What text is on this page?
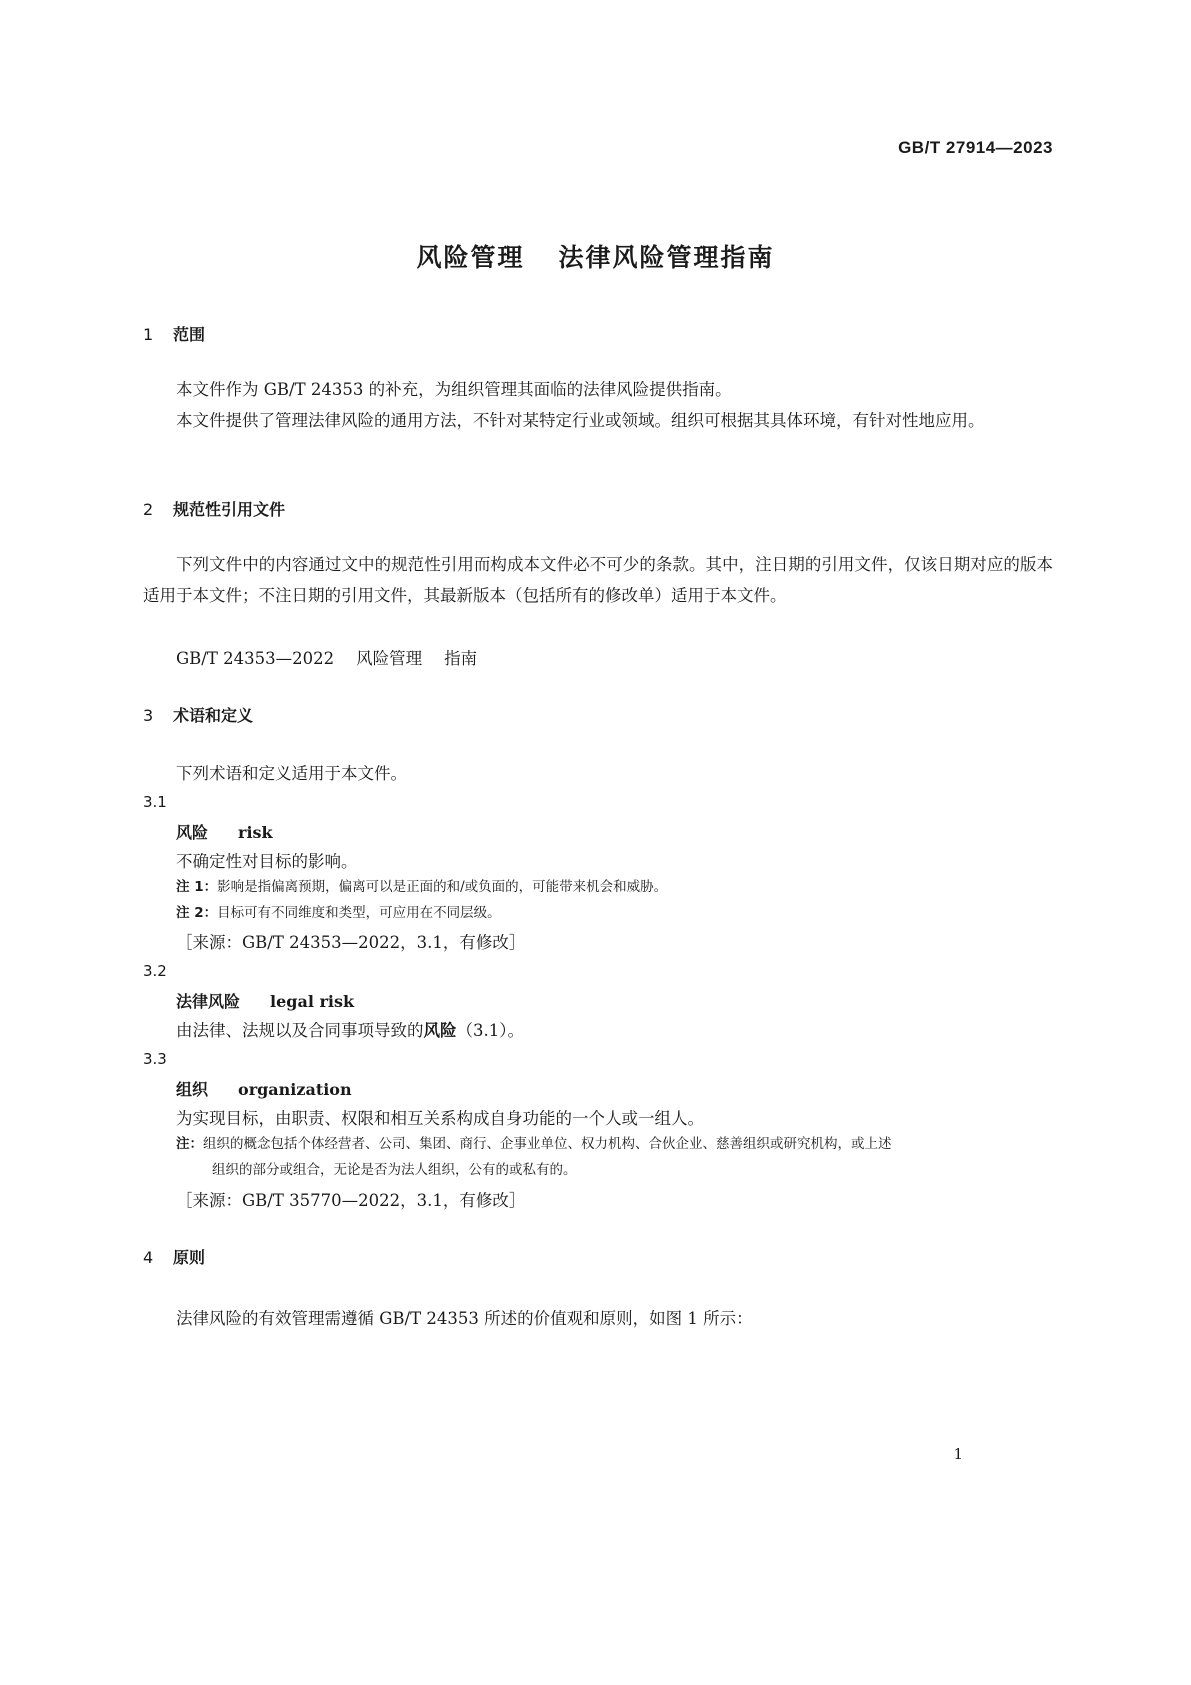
GB/T 27914—2023
风险管理 法律风险管理指南
1 范围
本文件作为 GB/T 24353 的补充，为组织管理其面临的法律风险提供指南。
本文件提供了管理法律风险的通用方法，不针对某特定行业或领域。组织可根据其具体环境，有针对性地应用。
2 规范性引用文件
下列文件中的内容通过文中的规范性引用而构成本文件必不可少的条款。其中，注日期的引用文件，仅该日期对应的版本适用于本文件；不注日期的引用文件，其最新版本（包括所有的修改单）适用于本文件。
GB/T 24353—2022 风险管理 指南
3 术语和定义
下列术语和定义适用于本文件。
3.1
风险 risk
不确定性对目标的影响。
注 1：影响是指偏离预期，偏离可以是正面的和/或负面的，可能带来机会和威胁。
注 2：目标可有不同维度和类型，可应用在不同层级。
［来源：GB/T 24353—2022，3.1，有修改］
3.2
法律风险 legal risk
由法律、法规以及合同事项导致的风险（3.1）。
3.3
组织 organization
为实现目标，由职责、权限和相互关系构成自身功能的一个人或一组人。
注：组织的概念包括个体经营者、公司、集团、商行、企事业单位、权力机构、合伙企业、慈善组织或研究机构，或上述
组织的部分或组合，无论是否为法人组织，公有的或私有的。
［来源：GB/T 35770—2022，3.1，有修改］
4 原则
法律风险的有效管理需遵循 GB/T 24353 所述的价值观和原则，如图 1 所示：
1
